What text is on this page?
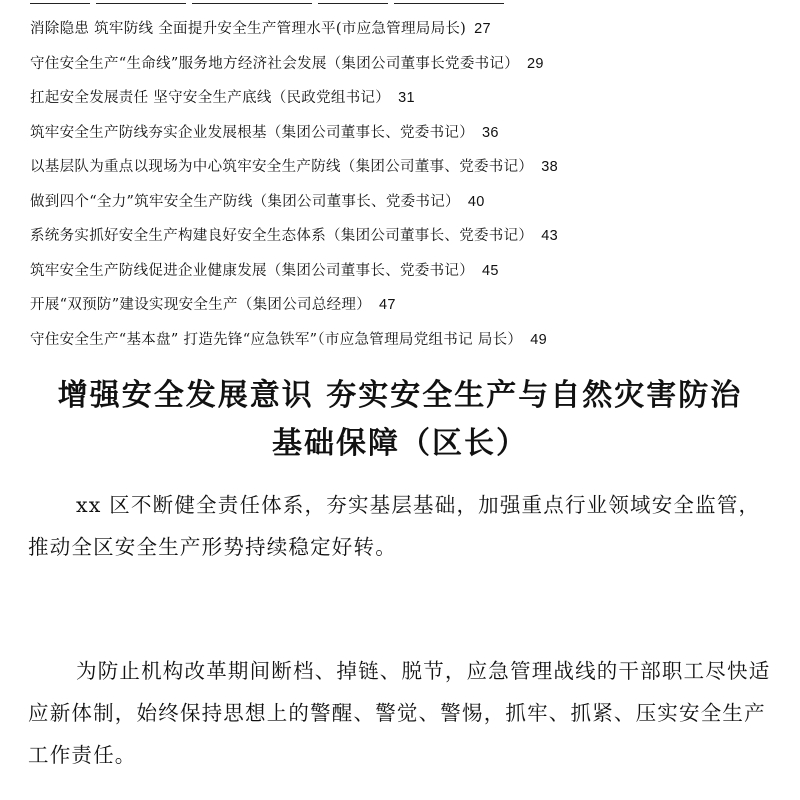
消除隐患 筑牢防线 全面提升安全生产管理水平(市应急管理局局长) 27
守住安全生产“生命线”服务地方经济社会发展（集团公司董事长党委书记） 29
扛起安全发展责任 坚守安全生产底线（民政党组书记） 31
筑牢安全生产防线夯实企业发展根基（集团公司董事长、党委书记） 36
以基层队为重点以现场为中心筑牢安全生产防线（集团公司董事、党委书记） 38
做到四个“全力”筑牢安全生产防线（集团公司董事长、党委书记） 40
系统务实抓好安全生产构建良好安全生态体系（集团公司董事长、党委书记） 43
筑牢安全生产防线促进企业健康发展（集团公司董事长、党委书记） 45
开展“双预防”建设实现安全生产（集团公司总经理） 47
守住安全生产“基本盘” 打造先锋“应急铁军”（市应急管理局党组书记 局长） 49
增强安全发展意识 夯实安全生产与自然灾害防治
基础保障（区长）

xx 区不断健全责任体系，夯实基层基础，加强重点行业领域安全监管，推动全区安全生产形势持续稳定好转。

为防止机构改革期间断档、掉链、脱节，应急管理战线的干部职工尽快适应新体制，始终保持思想上的警醒、警觉、警惕，抓牢、抓紧、压实安全生产工作责任。
